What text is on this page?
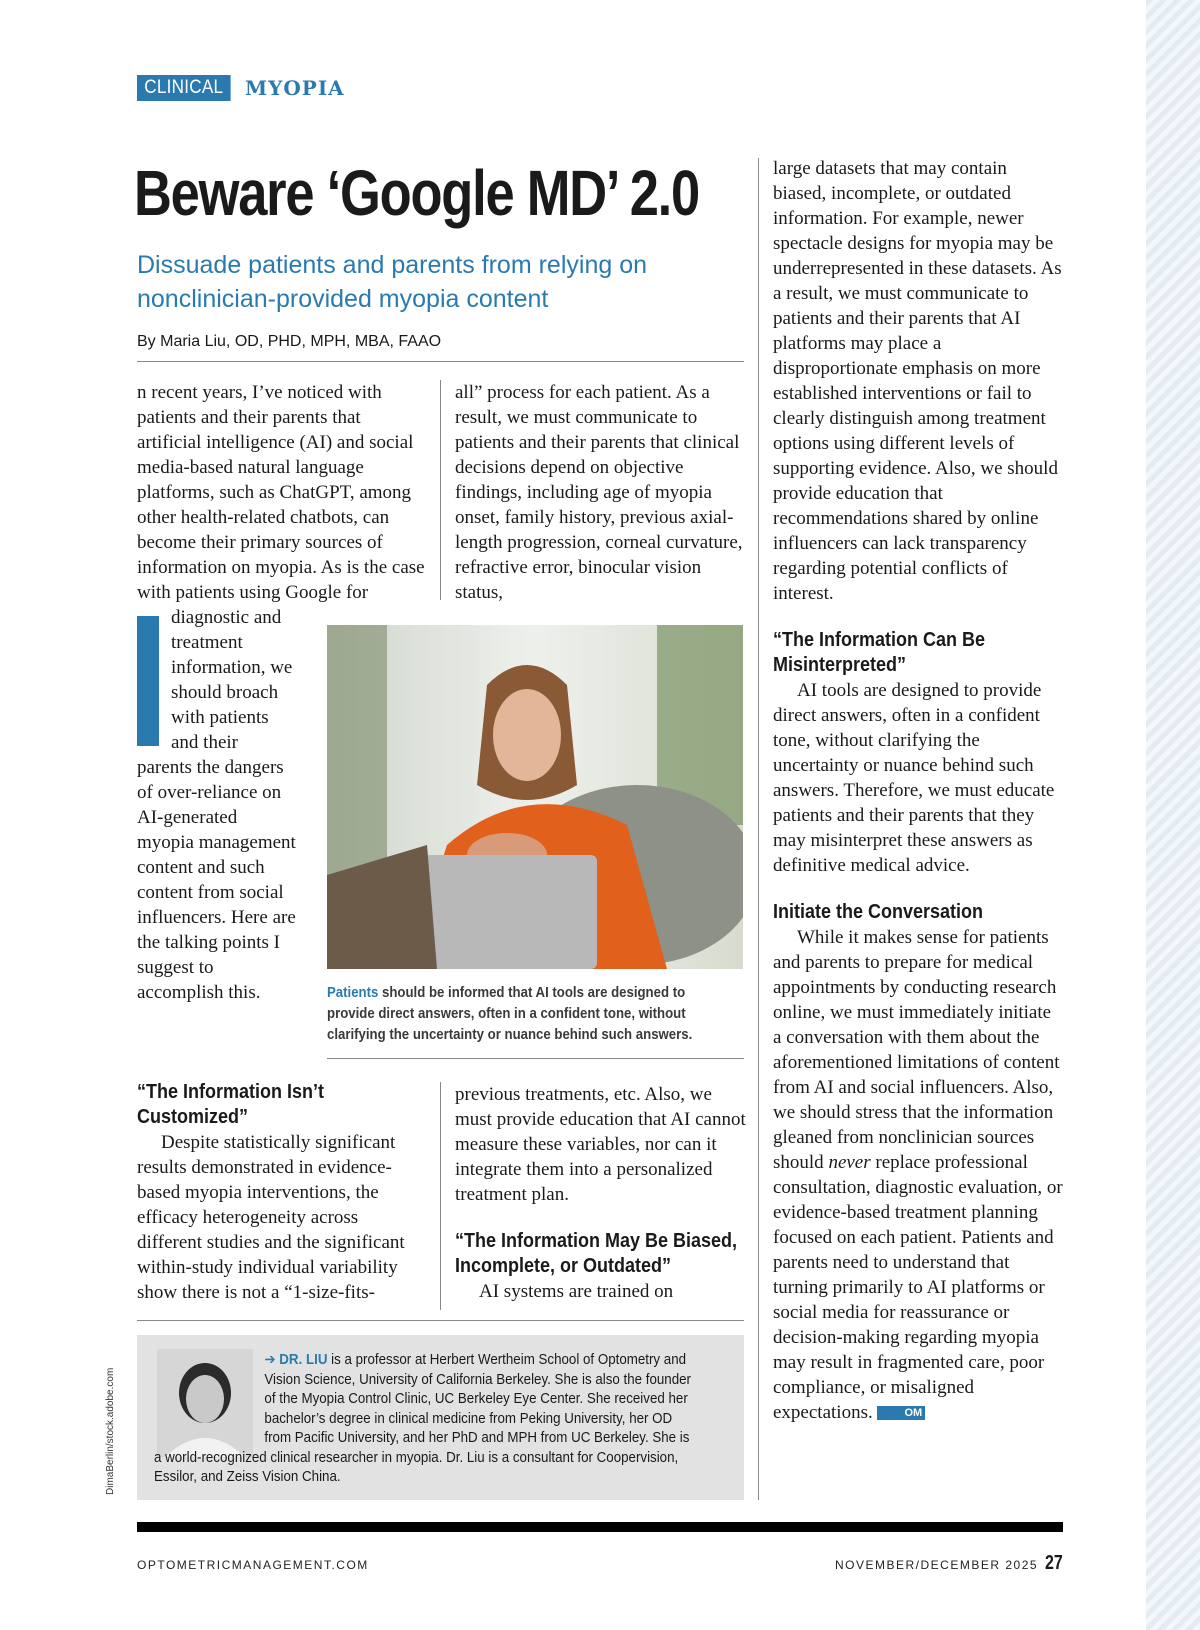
CLINICAL	MYOPIA
Beware ‘Google MD’ 2.0
Dissuade patients and parents from relying on nonclinician-provided myopia content
By Maria Liu, OD, PHD, MPH, MBA, FAAO

n recent years, I’ve noticed with patients and their parents that artificial intelligence (AI) and social media-based natural language platforms, such as ChatGPT, among other health-related chatbots, can become their primary sources of information on myopia. As is the case with patients using Google for diagnostic and treatment information, we should broach with patients and their parents the dangers of over-reliance on AI-generated myopia management content and such content from social influencers. Here are the talking points I suggest to accomplish this.

all” process for each patient. As a result, we must communicate to patients and their parents that clinical decisions depend on objective findings, including age of myopia onset, family history, previous axial-length progression, corneal curvature, refractive error, binocular vision status,

Patients should be informed that AI tools are designed to provide direct answers, often in a confident tone, without clarifying the uncertainty or nuance behind such answers.

“The Information Isn’t

Customized”

Despite statistically significant results demonstrated in evidence-based myopia interventions, the efficacy heterogeneity across different studies and the significant within-study individual variability show there is not a “1-size-fits-

previous treatments, etc. Also, we must provide education that AI cannot measure these variables, nor can it integrate them into a personalized treatment plan.

“The Information May Be Biased,

Incomplete, or Outdated”

AI systems are trained on

large datasets that may contain biased, incomplete, or outdated information. For example, newer spectacle designs for myopia may be underrepresented in these datasets. As a result, we must communicate to patients and their parents that AI platforms may place a disproportionate emphasis on more established interventions or fail to clearly distinguish among treatment options using different levels of supporting evidence. Also, we should provide education that recommendations shared by online influencers can lack transparency regarding potential conflicts of interest.

“The Information Can Be

Misinterpreted”

AI tools are designed to provide direct answers, often in a confident tone, without clarifying the uncertainty or nuance behind such answers. Therefore, we must educate patients and their parents that they may misinterpret these answers as definitive medical advice.

Initiate the Conversation

While it makes sense for patients and parents to prepare for medical appointments by conducting research online, we must immediately initiate a conversation with them about the aforementioned limitations of content from AI and social influencers. Also, we should stress that the information gleaned from nonclinician sources should never replace professional consultation, diagnostic evaluation, or evidence-based treatment planning focused on each patient. Patients and parents need to understand that turning primarily to AI platforms or social media for reassurance or decision-making regarding myopia may result in fragmented care, poor compliance, or misaligned expectations.	OM

➔ DR. LIU is a professor at Herbert Wertheim School of Optometry and Vision Science, University of California Berkeley. She is also the founder of the Myopia Control Clinic, UC Berkeley Eye Center. She received her bachelor’s degree in clinical medicine from Peking University, her OD from Pacific University, and her PhD and MPH from UC Berkeley. She is a world-recognized clinical researcher in myopia. Dr. Liu is a consultant for Coopervision, Essilor, and Zeiss Vision China.
DimaBerlin/stock.adobe.com
OPTOMETRICMANAGEMENT.COM	NOVEMBER/DECEMBER 2025 27
